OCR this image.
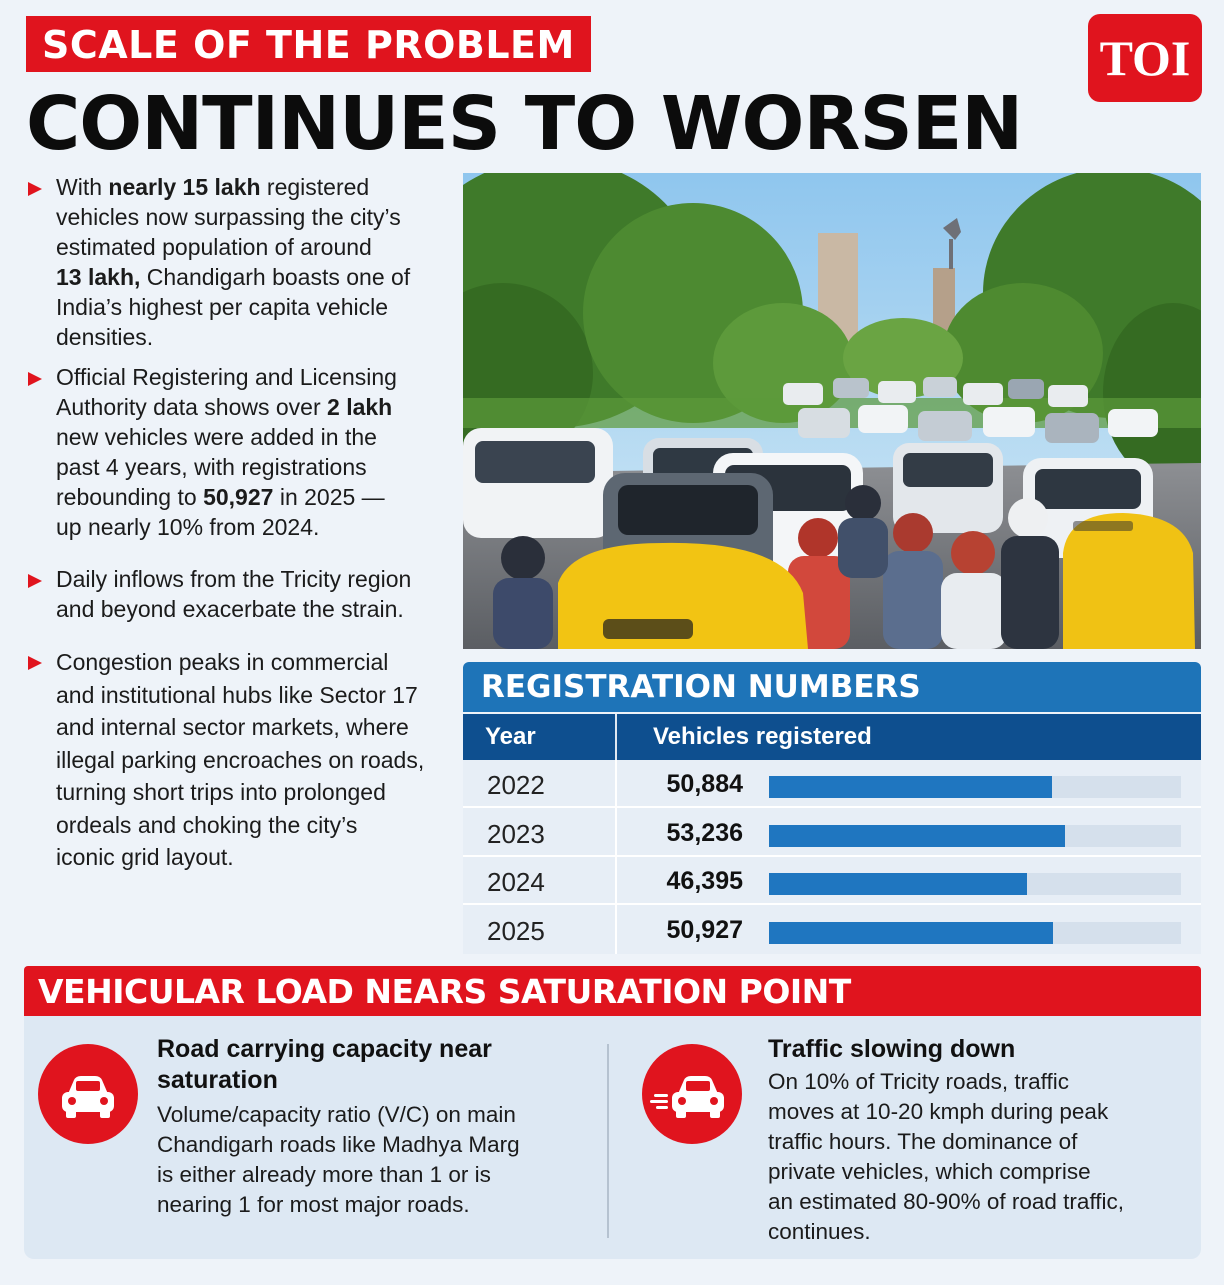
SCALE OF THE PROBLEM
CONTINUES TO WORSEN
TOI
With nearly 15 lakh registered
vehicles now surpassing the city’s
estimated population of around
13 lakh, Chandigarh boasts one of
India’s highest per capita vehicle
densities.
Official Registering and Licensing
Authority data shows over 2 lakh
new vehicles were added in the
past 4 years, with registrations
rebounding to 50,927 in 2025 —
up nearly 10% from 2024.
Daily inflows from the Tricity region
and beyond exacerbate the strain.
Congestion peaks in commercial
and institutional hubs like Sector 17
and internal sector markets, where
illegal parking encroaches on roads,
turning short trips into prolonged
ordeals and choking the city’s
iconic grid layout.
REGISTRATION NUMBERS
Year	Vehicles registered
2022	50,884
2023	53,236
2024	46,395
2025	50,927
VEHICULAR LOAD NEARS SATURATION POINT
Road carrying capacity near
saturation
Volume/capacity ratio (V/C) on main
Chandigarh roads like Madhya Marg
is either already more than 1 or is
nearing 1 for most major roads.
Traffic slowing down
On 10% of Tricity roads, traffic
moves at 10-20 kmph during peak
traffic hours. The dominance of
private vehicles, which comprise
an estimated 80-90% of road traffic,
continues.
